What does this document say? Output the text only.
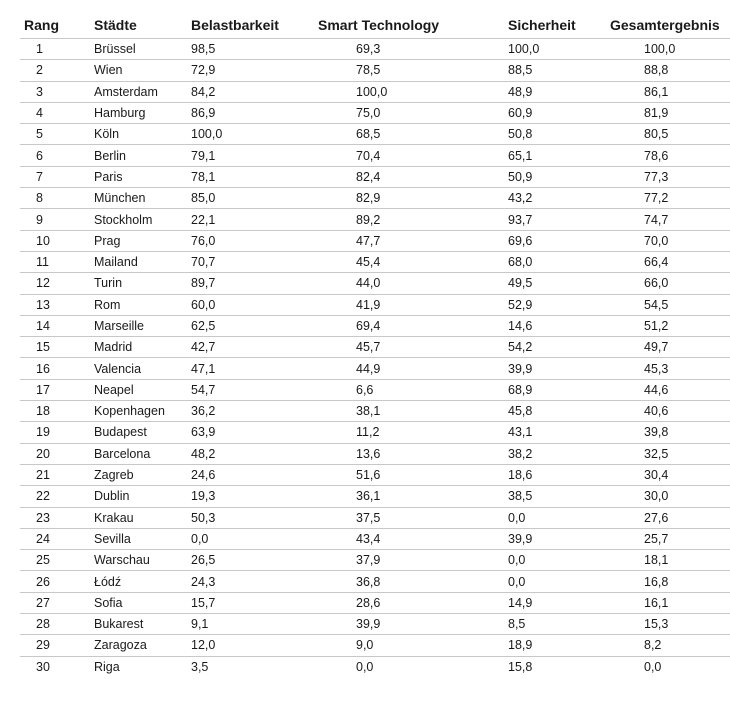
Rang	Städte	Belastbarkeit	Smart Technology	Sicherheit	Gesamtergebnis
1	Brüssel	98,5	69,3	100,0	100,0
2	Wien	72,9	78,5	88,5	88,8
3	Amsterdam	84,2	100,0	48,9	86,1
4	Hamburg	86,9	75,0	60,9	81,9
5	Köln	100,0	68,5	50,8	80,5
6	Berlin	79,1	70,4	65,1	78,6
7	Paris	78,1	82,4	50,9	77,3
8	München	85,0	82,9	43,2	77,2
9	Stockholm	22,1	89,2	93,7	74,7
10	Prag	76,0	47,7	69,6	70,0
11	Mailand	70,7	45,4	68,0	66,4
12	Turin	89,7	44,0	49,5	66,0
13	Rom	60,0	41,9	52,9	54,5
14	Marseille	62,5	69,4	14,6	51,2
15	Madrid	42,7	45,7	54,2	49,7
16	Valencia	47,1	44,9	39,9	45,3
17	Neapel	54,7	6,6	68,9	44,6
18	Kopenhagen	36,2	38,1	45,8	40,6
19	Budapest	63,9	11,2	43,1	39,8
20	Barcelona	48,2	13,6	38,2	32,5
21	Zagreb	24,6	51,6	18,6	30,4
22	Dublin	19,3	36,1	38,5	30,0
23	Krakau	50,3	37,5	0,0	27,6
24	Sevilla	0,0	43,4	39,9	25,7
25	Warschau	26,5	37,9	0,0	18,1
26	Łódź	24,3	36,8	0,0	16,8
27	Sofia	15,7	28,6	14,9	16,1
28	Bukarest	9,1	39,9	8,5	15,3
29	Zaragoza	12,0	9,0	18,9	8,2
30	Riga	3,5	0,0	15,8	0,0
